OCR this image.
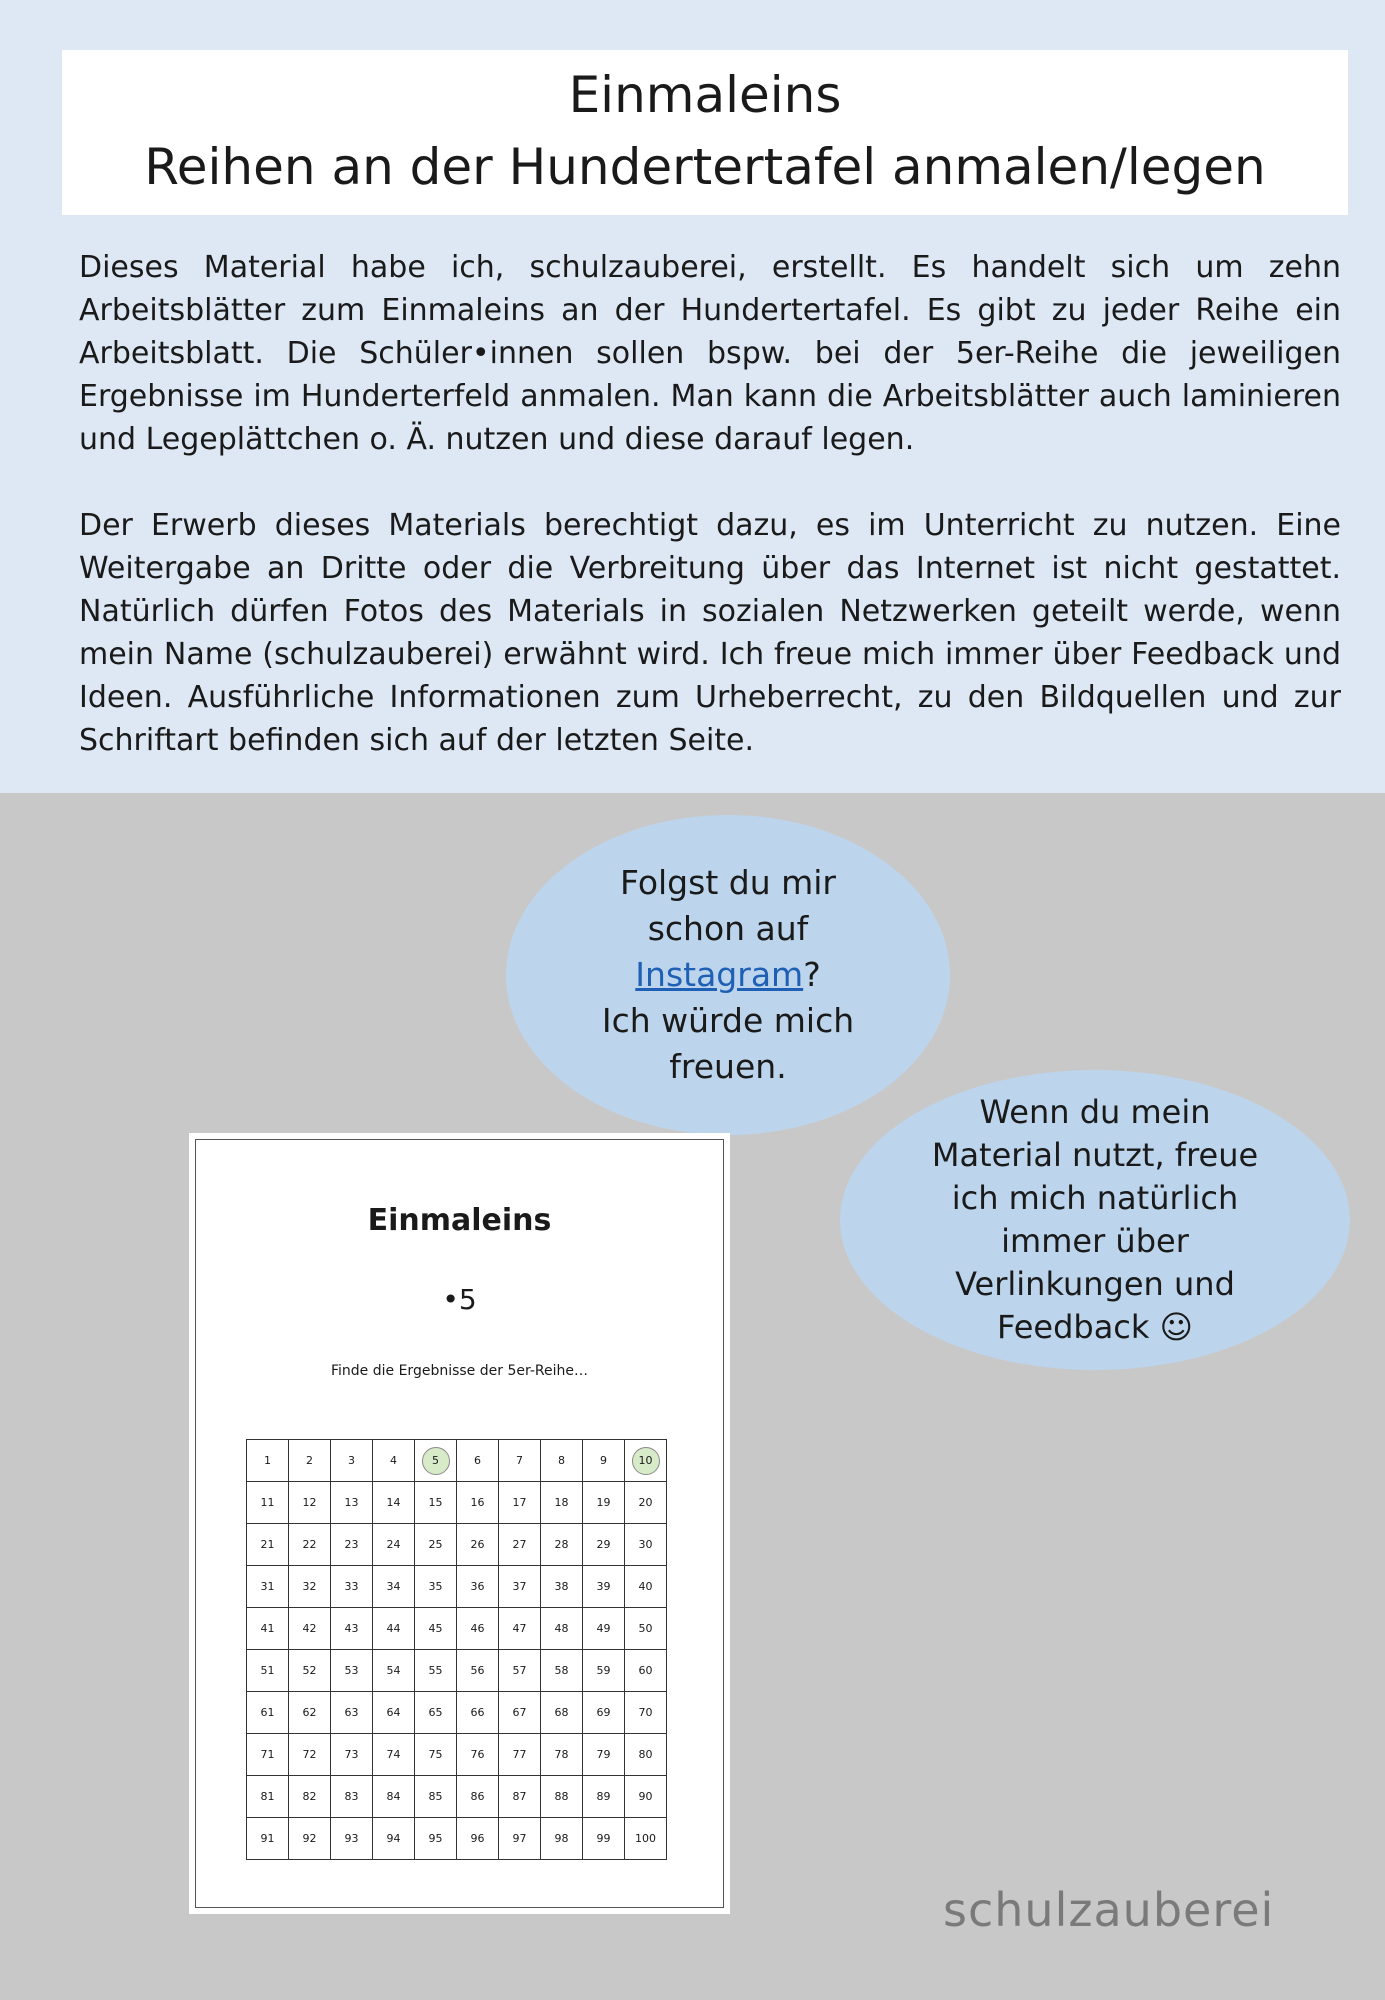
Einmaleins
Reihen an der Hundertertafel anmalen/legen

Dieses Material habe ich, schulzauberei, erstellt. Es handelt sich um zehn Arbeitsblätter zum Einmaleins an der Hundertertafel. Es gibt zu jeder Reihe ein Arbeitsblatt. Die Schüler•innen sollen bspw. bei der 5er-Reihe die jeweiligen Ergebnisse im Hunderterfeld anmalen. Man kann die Arbeitsblätter auch laminieren und Legeplättchen o. Ä. nutzen und diese darauf legen.

Der Erwerb dieses Materials berechtigt dazu, es im Unterricht zu nutzen. Eine Weitergabe an Dritte oder die Verbreitung über das Internet ist nicht gestattet. Natürlich dürfen Fotos des Materials in sozialen Netzwerken geteilt werde, wenn mein Name (schulzauberei) erwähnt wird. Ich freue mich immer über Feedback und Ideen. Ausführliche Informationen zum Urheberrecht, zu den Bildquellen und zur Schriftart befinden sich auf der letzten Seite.

Folgst du mir
schon auf
Instagram?
Ich würde mich
freuen.
Wenn du mein
Material nutzt, freue
ich mich natürlich
immer über
Verlinkungen und
Feedback ☺
Einmaleins
•5
Finde die Ergebnisse der 5er-Reihe…
1	2	3	4	5	6	7	8	9	10
11	12	13	14	15	16	17	18	19	20
21	22	23	24	25	26	27	28	29	30
31	32	33	34	35	36	37	38	39	40
41	42	43	44	45	46	47	48	49	50
51	52	53	54	55	56	57	58	59	60
61	62	63	64	65	66	67	68	69	70
71	72	73	74	75	76	77	78	79	80
81	82	83	84	85	86	87	88	89	90
91	92	93	94	95	96	97	98	99	100
schulzauberei
